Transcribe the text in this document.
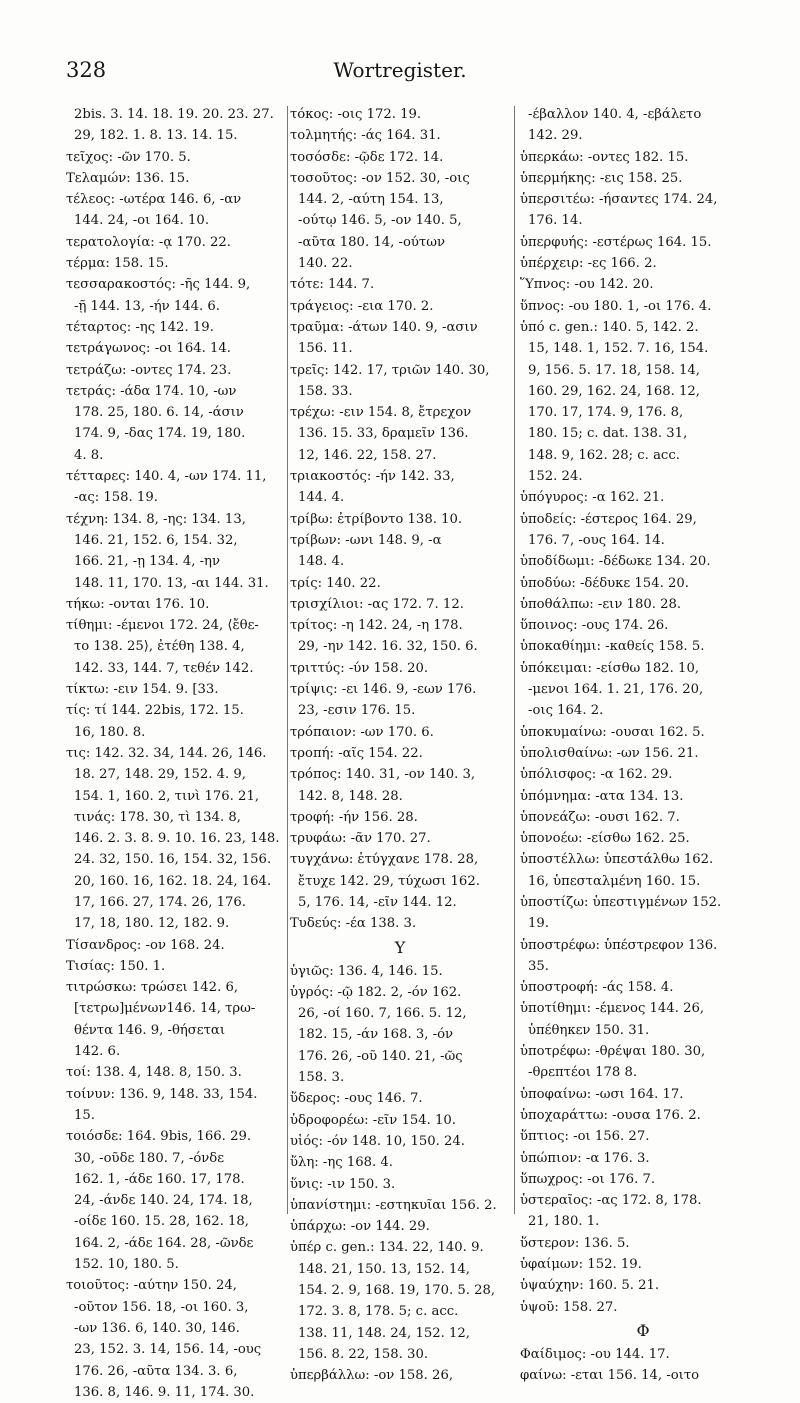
328	Wortregister.
2bis. 3. 14. 18. 19. 20. 23. 27.
29, 182. 1. 8. 13. 14. 15.
τεῖχος: -ῶν 170. 5.
Τελαμών: 136. 15.
τέλεος: -ωτέρα 146. 6, -αν
144. 24, -οι 164. 10.
τερατολογία: -ᾳ 170. 22.
τέρμα: 158. 15.
τεσσαρακοστός: -ῆς 144. 9,
-ῇ 144. 13, -ήν 144. 6.
τέταρτος: -ης 142. 19.
τετράγωνος: -οι 164. 14.
τετράζω: -οντες 174. 23.
τετράς: -άδα 174. 10, -ων
178. 25, 180. 6. 14, -άσιν
174. 9, -δας 174. 19, 180.
4. 8.
τέτταρες: 140. 4, -ων 174. 11,
-ας: 158. 19.
τέχνη: 134. 8, -ης: 134. 13,
146. 21, 152. 6, 154. 32,
166. 21, -ῃ 134. 4, -ην
148. 11, 170. 13, -αι 144. 31.
τήκω: -ονται 176. 10.
τίθημι: -έμενοι 172. 24, ⟨ἔθε-
το 138. 25⟩, ἐτέθη 138. 4,
142. 33, 144. 7, τεθέν 142.
τίκτω: -ειν 154. 9. [33.
τίς: τί 144. 22bis, 172. 15.
16, 180. 8.
τις: 142. 32. 34, 144. 26, 146.
18. 27, 148. 29, 152. 4. 9,
154. 1, 160. 2, τινὶ 176. 21,
τινάς: 178. 30, τὶ 134. 8,
146. 2. 3. 8. 9. 10. 16. 23, 148.
24. 32, 150. 16, 154. 32, 156.
20, 160. 16, 162. 18. 24, 164.
17, 166. 27, 174. 26, 176.
17, 18, 180. 12, 182. 9.
Τίσανδρος: -ον 168. 24.
Τισίας: 150. 1.
τιτρώσκω: τρώσει 142. 6,
[τετρω]μένων146. 14, τρω-
θέντα 146. 9, -θήσεται
142. 6.
τοί: 138. 4, 148. 8, 150. 3.
τοίνυν: 136. 9, 148. 33, 154.
15.
τοιόσδε: 164. 9bis, 166. 29.
30, -οῦδε 180. 7, -όνδε
162. 1, -άδε 160. 17, 178.
24, -άνδε 140. 24, 174. 18,
-οίδε 160. 15. 28, 162. 18,
164. 2, -άδε 164. 28, -ῶνδε
152. 10, 180. 5.
τοιοῦτος: -αύτην 150. 24,
-οῦτον 156. 18, -οι 160. 3,
-ων 136. 6, 140. 30, 146.
23, 152. 3. 14, 156. 14, -ους
176. 26, -αῦτα 134. 3. 6,
136. 8, 146. 9. 11, 174. 30.
τόκος: -οις 172. 19.
τολμητής: -άς 164. 31.
τοσόσδε: -ῷδε 172. 14.
τοσοῦτος: -ον 152. 30, -οις
144. 2, -αύτη 154. 13,
-ούτῳ 146. 5, -ον 140. 5,
-αῦτα 180. 14, -ούτων
140. 22.
τότε: 144. 7.
τράγειος: -εια 170. 2.
τραῦμα: -άτων 140. 9, -ασιν
156. 11.
τρεῖς: 142. 17, τριῶν 140. 30,
158. 33.
τρέχω: -ειν 154. 8, ἔτρεχον
136. 15. 33, δραμεῖν 136.
12, 146. 22, 158. 27.
τριακοστός: -ήν 142. 33,
144. 4.
τρίβω: ἐτρίβοντο 138. 10.
τρίβων: -ωνι 148. 9, -α
148. 4.
τρίς: 140. 22.
τρισχίλιοι: -ας 172. 7. 12.
τρίτος: -η 142. 24, -η 178.
29, -ην 142. 16. 32, 150. 6.
τριττύς: -ύν 158. 20.
τρίψις: -ει 146. 9, -εων 176.
23, -εσιν 176. 15.
τρόπαιον: -ων 170. 6.
τροπή: -αῖς 154. 22.
τρόπος: 140. 31, -ον 140. 3,
142. 8, 148. 28.
τροφή: -ήν 156. 28.
τρυφάω: -ᾶν 170. 27.
τυγχάνω: ἐτύγχανε 178. 28,
ἔτυχε 142. 29, τύχωσι 162.
5, 176. 14, -εῖν 144. 12.
Τυδεύς: -έα 138. 3.
Υ
ὑγιῶς: 136. 4, 146. 15.
ὑγρός: -ῷ 182. 2, -όν 162.
26, -οί 160. 7, 166. 5. 12,
182. 15, -άν 168. 3, -όν
176. 26, -οῦ 140. 21, -ῶς
158. 3.
ὕδερος: -ους 146. 7.
ὑδροφορέω: -εῖν 154. 10.
υἱός: -όν 148. 10, 150. 24.
ὕλη: -ης 168. 4.
ὕνις: -ιν 150. 3.
ὑπανίστημι: -εστηκυῖαι 156. 2.
ὑπάρχω: -ον 144. 29.
ὑπέρ c. gen.: 134. 22, 140. 9.
148. 21, 150. 13, 152. 14,
154. 2. 9, 168. 19, 170. 5. 28,
172. 3. 8, 178. 5; c. acc.
138. 11, 148. 24, 152. 12,
156. 8. 22, 158. 30.
ὑπερβάλλω: -ον 158. 26,
-έβαλλον 140. 4, -εβάλετο
142. 29.
ὑπερκάω: -οντες 182. 15.
ὑπερμήκης: -εις 158. 25.
ὑπερσιτέω: -ήσαντες 174. 24,
176. 14.
ὑπερφυής: -εστέρως 164. 15.
ὑπέρχειρ: -ες 166. 2.
Ὕπνος: -ου 142. 20.
ὕπνος: -ου 180. 1, -οι 176. 4.
ὑπό c. gen.: 140. 5, 142. 2.
15, 148. 1, 152. 7. 16, 154.
9, 156. 5. 17. 18, 158. 14,
160. 29, 162. 24, 168. 12,
170. 17, 174. 9, 176. 8,
180. 15; c. dat. 138. 31,
148. 9, 162. 28; c. acc.
152. 24.
ὑπόγυρος: -α 162. 21.
ὑποδείς: -έστερος 164. 29,
176. 7, -ους 164. 14.
ὑποδίδωμι: -δέδωκε 134. 20.
ὑποδύω: -δέδυκε 154. 20.
ὑποθάλπω: -ειν 180. 28.
ὕποινος: -ους 174. 26.
ὑποκαθίημι: -καθείς 158. 5.
ὑπόκειμαι: -είσθω 182. 10,
-μενοι 164. 1. 21, 176. 20,
-οις 164. 2.
ὑποκυμαίνω: -ουσαι 162. 5.
ὑπολισθαίνω: -ων 156. 21.
ὑπόλισφος: -α 162. 29.
ὑπόμνημα: -ατα 134. 13.
ὑπονεάζω: -ουσι 162. 7.
ὑπονοέω: -είσθω 162. 25.
ὑποστέλλω: ὑπεστάλθω 162.
16, ὑπεσταλμένη 160. 15.
ὑποστίζω: ὑπεστιγμένων 152.
19.
ὑποστρέφω: ὑπέστρεφον 136.
35.
ὑποστροφή: -άς 158. 4.
ὑποτίθημι: -έμενος 144. 26,
ὑπέθηκεν 150. 31.
ὑποτρέφω: -θρέψαι 180. 30,
-θρεπτέοι 178 8.
ὑποφαίνω: -ωσι 164. 17.
ὑποχαράττω: -ουσα 176. 2.
ὕπτιος: -οι 156. 27.
ὑπώπιον: -α 176. 3.
ὕπωχρος: -οι 176. 7.
ὑστεραῖος: -ας 172. 8, 178.
21, 180. 1.
ὕστερον: 136. 5.
ὑφαίμων: 152. 19.
ὑψαύχην: 160. 5. 21.
ὑψοῦ: 158. 27.
Φ
Φαίδιμος: -ου 144. 17.
φαίνω: -εται 156. 14, -οιτο
